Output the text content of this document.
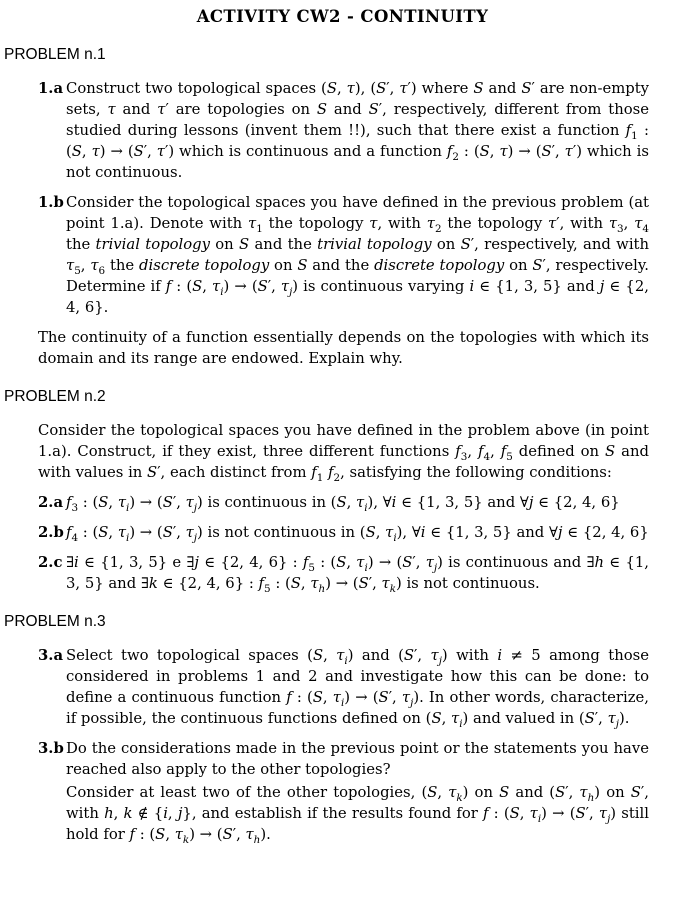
ACTIVITY CW2 - CONTINUITY
PROBLEM n.1
1.a Construct two topological spaces (S, τ), (S′, τ′) where S and S′ are non-empty sets, τ and τ′ are topologies on S and S′, respectively, different from those studied during lessons (invent them !!), such that there exist a function $f_1$ : (S, τ) → (S′, τ′) which is continuous and a function $f_2$ : (S, τ) → (S′, τ′) which is not continuous.

1.b Consider the topological spaces you have defined in the previous problem (at point 1.a). Denote with $\tau_1$ the topology τ, with $\tau_2$ the topology τ′, with $\tau_3$, $\tau_4$ the trivial topology on S and the trivial topology on S′, respectively, and with $\tau_5$, $\tau_6$ the discrete topology on S and the discrete topology on S′, respectively. Determine if f : (S, $\tau_i) \to (S'$, $\tau_j$) is continuous varying i ∈ {1, 3, 5} and j ∈ {2, 4, 6}.

The continuity of a function essentially depends on the topologies with which its domain and its range are endowed. Explain why.

PROBLEM n.2

Consider the topological spaces you have defined in the problem above (in point 1.a). Construct, if they exist, three different functions $f_3$, $f_4$, $f_5$ defined on S and with values in S′, each distinct from $f_1$ $f_2$, satisfying the following conditions:

2.a $f_3$ : (S, $\tau_i) \to (S'$, $\tau_j$) is continuous in (S, $\tau_i$), ∀i ∈ {1, 3, 5} and ∀j ∈ {2, 4, 6}

2.b $f_4$ : (S, $\tau_i) \to (S'$, $\tau_j$) is not continuous in (S, $\tau_i$), ∀i ∈ {1, 3, 5} and ∀j ∈ {2, 4, 6}

2.c ∃i ∈ {1, 3, 5} e ∃j ∈ {2, 4, 6} : $f_5$ : (S, $\tau_i) \to (S'$, $\tau_j$) is continuous and ∃h ∈ {1, 3, 5} and ∃k ∈ {2, 4, 6} : $f_5$ : (S, $\tau_h) \to (S'$, $\tau_k$) is not continuous.

PROBLEM n.3
3.a Select two topological spaces (S, $\tau_i$) and (S′, $\tau_j$) with i ≠ 5 among those considered in problems 1 and 2 and investigate how this can be done: to define a continuous function f : (S, $\tau_i) \to (S'$, $\tau_j$). In other words, characterize, if possible, the continuous functions defined on (S, $\tau_i$) and valued in (S′, $\tau_j$).

3.b Do the considerations made in the previous point or the statements you have reached also apply to the other topologies?

Consider at least two of the other topologies, (S, $\tau_k$) on S and (S′, $\tau_h$) on S′, with h, k ∉ {i, j}, and establish if the results found for f : (S, $\tau_i) \to (S'$, $\tau_j$) still hold for f : (S, $\tau_k) \to (S'$, $\tau_h$).
